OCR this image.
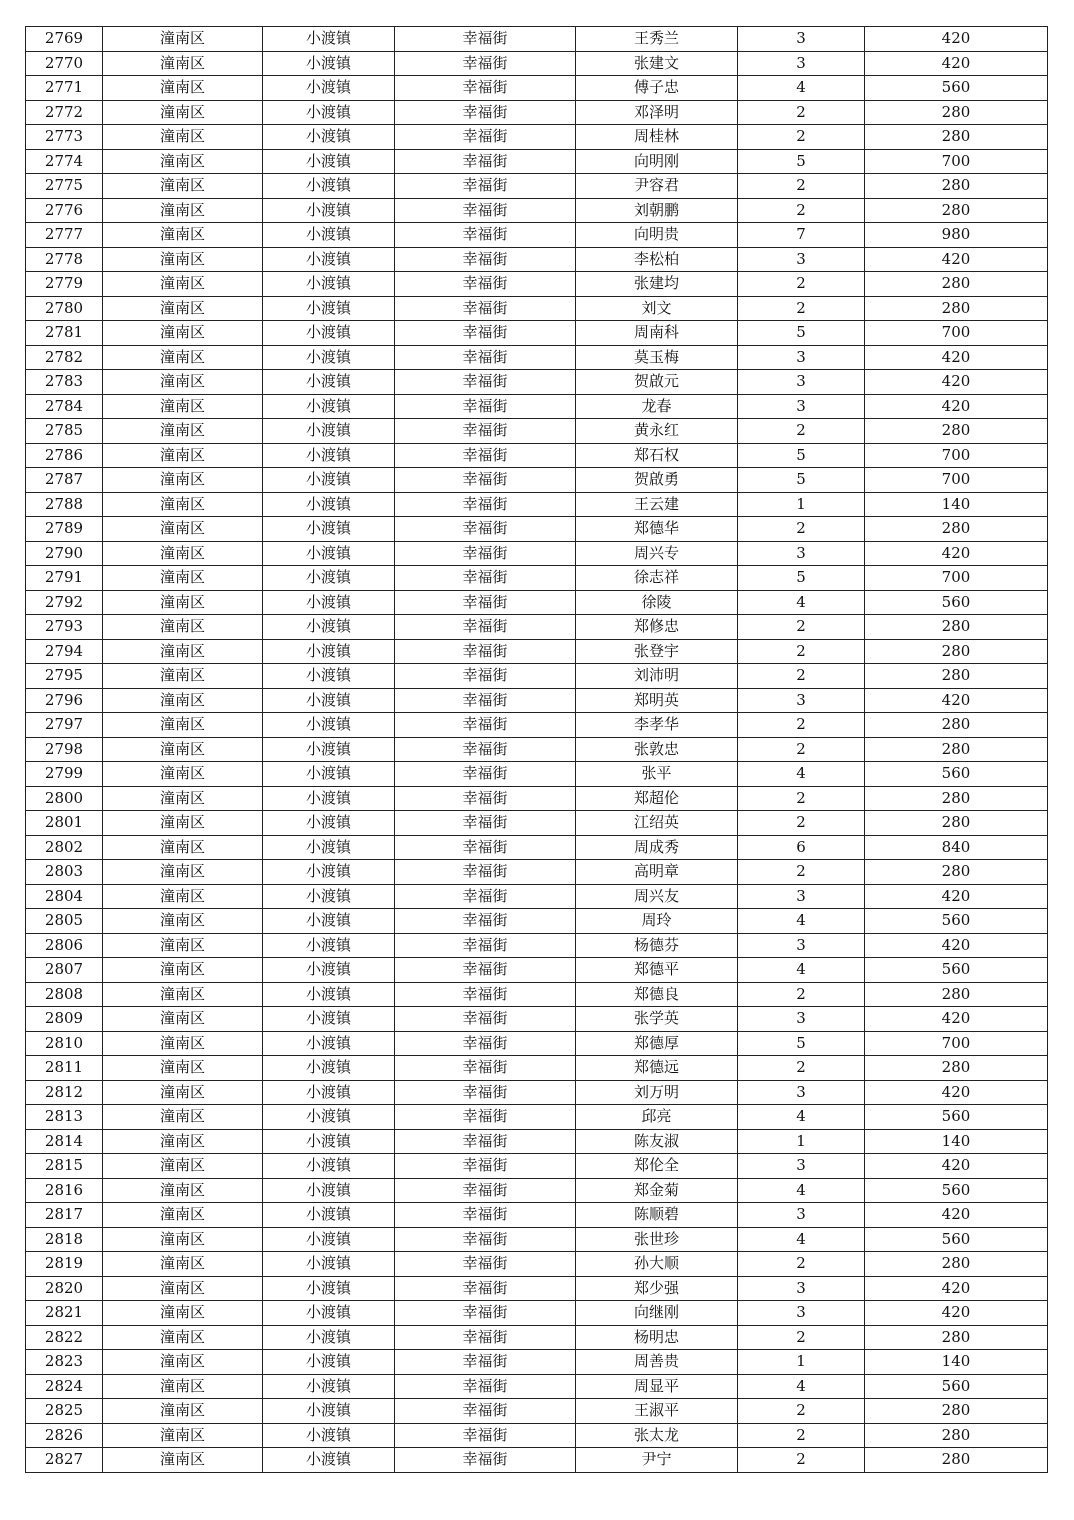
2769	潼南区	小渡镇	幸福街	王秀兰	3	420
2770	潼南区	小渡镇	幸福街	张建文	3	420
2771	潼南区	小渡镇	幸福街	傅子忠	4	560
2772	潼南区	小渡镇	幸福街	邓泽明	2	280
2773	潼南区	小渡镇	幸福街	周桂林	2	280
2774	潼南区	小渡镇	幸福街	向明刚	5	700
2775	潼南区	小渡镇	幸福街	尹容君	2	280
2776	潼南区	小渡镇	幸福街	刘朝鹏	2	280
2777	潼南区	小渡镇	幸福街	向明贵	7	980
2778	潼南区	小渡镇	幸福街	李松柏	3	420
2779	潼南区	小渡镇	幸福街	张建均	2	280
2780	潼南区	小渡镇	幸福街	刘文	2	280
2781	潼南区	小渡镇	幸福街	周南科	5	700
2782	潼南区	小渡镇	幸福街	莫玉梅	3	420
2783	潼南区	小渡镇	幸福街	贺啟元	3	420
2784	潼南区	小渡镇	幸福街	龙春	3	420
2785	潼南区	小渡镇	幸福街	黄永红	2	280
2786	潼南区	小渡镇	幸福街	郑石权	5	700
2787	潼南区	小渡镇	幸福街	贺啟勇	5	700
2788	潼南区	小渡镇	幸福街	王云建	1	140
2789	潼南区	小渡镇	幸福街	郑德华	2	280
2790	潼南区	小渡镇	幸福街	周兴专	3	420
2791	潼南区	小渡镇	幸福街	徐志祥	5	700
2792	潼南区	小渡镇	幸福街	徐陵	4	560
2793	潼南区	小渡镇	幸福街	郑修忠	2	280
2794	潼南区	小渡镇	幸福街	张登宇	2	280
2795	潼南区	小渡镇	幸福街	刘沛明	2	280
2796	潼南区	小渡镇	幸福街	郑明英	3	420
2797	潼南区	小渡镇	幸福街	李孝华	2	280
2798	潼南区	小渡镇	幸福街	张敦忠	2	280
2799	潼南区	小渡镇	幸福街	张平	4	560
2800	潼南区	小渡镇	幸福街	郑超伦	2	280
2801	潼南区	小渡镇	幸福街	江绍英	2	280
2802	潼南区	小渡镇	幸福街	周成秀	6	840
2803	潼南区	小渡镇	幸福街	高明章	2	280
2804	潼南区	小渡镇	幸福街	周兴友	3	420
2805	潼南区	小渡镇	幸福街	周玲	4	560
2806	潼南区	小渡镇	幸福街	杨德芬	3	420
2807	潼南区	小渡镇	幸福街	郑德平	4	560
2808	潼南区	小渡镇	幸福街	郑德良	2	280
2809	潼南区	小渡镇	幸福街	张学英	3	420
2810	潼南区	小渡镇	幸福街	郑德厚	5	700
2811	潼南区	小渡镇	幸福街	郑德远	2	280
2812	潼南区	小渡镇	幸福街	刘万明	3	420
2813	潼南区	小渡镇	幸福街	邱亮	4	560
2814	潼南区	小渡镇	幸福街	陈友淑	1	140
2815	潼南区	小渡镇	幸福街	郑伦全	3	420
2816	潼南区	小渡镇	幸福街	郑金菊	4	560
2817	潼南区	小渡镇	幸福街	陈顺碧	3	420
2818	潼南区	小渡镇	幸福街	张世珍	4	560
2819	潼南区	小渡镇	幸福街	孙大顺	2	280
2820	潼南区	小渡镇	幸福街	郑少强	3	420
2821	潼南区	小渡镇	幸福街	向继刚	3	420
2822	潼南区	小渡镇	幸福街	杨明忠	2	280
2823	潼南区	小渡镇	幸福街	周善贵	1	140
2824	潼南区	小渡镇	幸福街	周显平	4	560
2825	潼南区	小渡镇	幸福街	王淑平	2	280
2826	潼南区	小渡镇	幸福街	张太龙	2	280
2827	潼南区	小渡镇	幸福街	尹宁	2	280
